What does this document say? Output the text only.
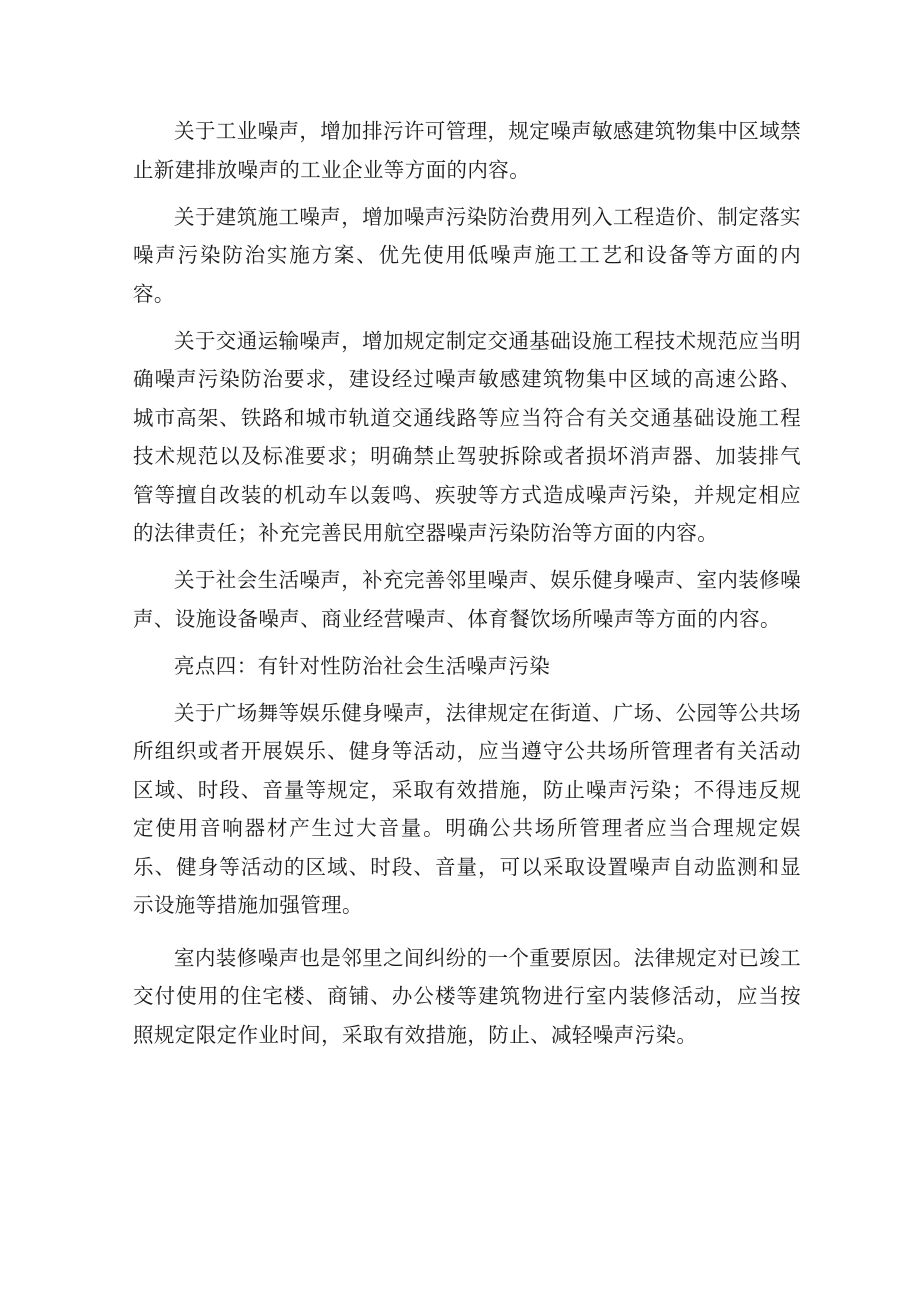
关于工业噪声，增加排污许可管理，规定噪声敏感建筑物集中区域禁止新建排放噪声的工业企业等方面的内容。

关于建筑施工噪声，增加噪声污染防治费用列入工程造价、制定落实噪声污染防治实施方案、优先使用低噪声施工工艺和设备等方面的内容。

关于交通运输噪声，增加规定制定交通基础设施工程技术规范应当明确噪声污染防治要求，建设经过噪声敏感建筑物集中区域的高速公路、城市高架、铁路和城市轨道交通线路等应当符合有关交通基础设施工程技术规范以及标准要求；明确禁止驾驶拆除或者损坏消声器、加装排气管等擅自改装的机动车以轰鸣、疾驶等方式造成噪声污染，并规定相应的法律责任；补充完善民用航空器噪声污染防治等方面的内容。

关于社会生活噪声，补充完善邻里噪声、娱乐健身噪声、室内装修噪声、设施设备噪声、商业经营噪声、体育餐饮场所噪声等方面的内容。

亮点四：有针对性防治社会生活噪声污染

关于广场舞等娱乐健身噪声，法律规定在街道、广场、公园等公共场所组织或者开展娱乐、健身等活动，应当遵守公共场所管理者有关活动区域、时段、音量等规定，采取有效措施，防止噪声污染；不得违反规定使用音响器材产生过大音量。明确公共场所管理者应当合理规定娱乐、健身等活动的区域、时段、音量，可以采取设置噪声自动监测和显示设施等措施加强管理。

室内装修噪声也是邻里之间纠纷的一个重要原因。法律规定对已竣工交付使用的住宅楼、商铺、办公楼等建筑物进行室内装修活动，应当按照规定限定作业时间，采取有效措施，防止、减轻噪声污染。
